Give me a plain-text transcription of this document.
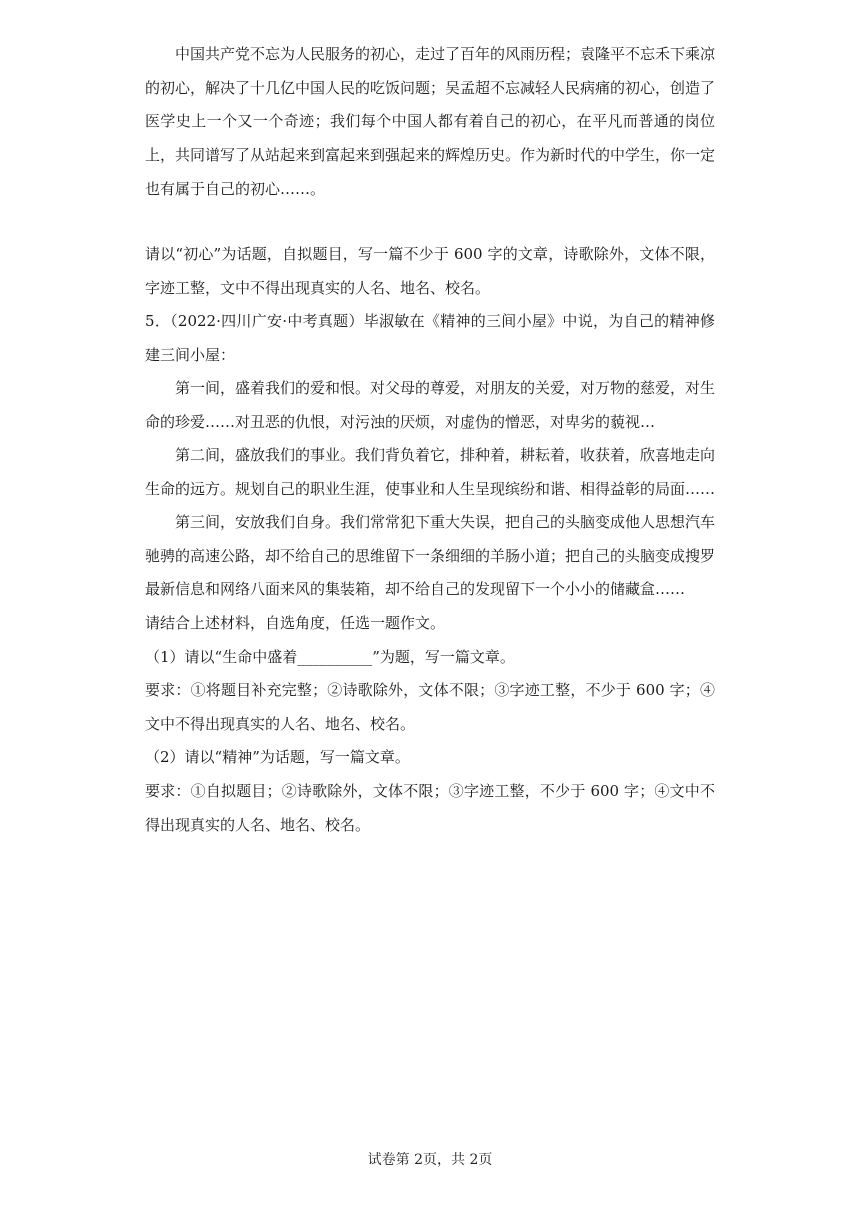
中国共产党不忘为人民服务的初心，走过了百年的风雨历程；袁隆平不忘禾下乘凉的初心，解决了十几亿中国人民的吃饭问题；吴孟超不忘减轻人民病痛的初心，创造了医学史上一个又一个奇迹；我们每个中国人都有着自己的初心，在平凡而普通的岗位上，共同谱写了从站起来到富起来到强起来的辉煌历史。作为新时代的中学生，你一定也有属于自己的初心……。
请以“初心”为话题，自拟题目，写一篇不少于 600 字的文章，诗歌除外，文体不限，字迹工整，文中不得出现真实的人名、地名、校名。
5．（2022·四川广安·中考真题）毕淑敏在《精神的三间小屋》中说，为自己的精神修建三间小屋：
第一间，盛着我们的爱和恨。对父母的尊爱，对朋友的关爱，对万物的慈爱，对生命的珍爱……对丑恶的仇恨，对污浊的厌烦，对虚伪的憎恶，对卑劣的藐视…
第二间，盛放我们的事业。我们背负着它，排种着，耕耘着，收获着，欣喜地走向生命的远方。规划自己的职业生涯，使事业和人生呈现缤纷和谐、相得益彰的局面……
第三间，安放我们自身。我们常常犯下重大失误，把自己的头脑变成他人思想汽车驰骋的高速公路，却不给自己的思维留下一条细细的羊肠小道；把自己的头脑变成搜罗最新信息和网络八面来风的集装箱，却不给自己的发现留下一个小小的储藏盒……
请结合上述材料，自选角度，任选一题作文。
（1）请以“生命中盛着__________”为题，写一篇文章。
要求：①将题目补充完整；②诗歌除外，文体不限；③字迹工整，不少于 600 字；④文中不得出现真实的人名、地名、校名。
（2）请以“精神”为话题，写一篇文章。
要求：①自拟题目；②诗歌除外，文体不限；③字迹工整，不少于 600 字；④文中不得出现真实的人名、地名、校名。
试卷第 2页，共 2页
